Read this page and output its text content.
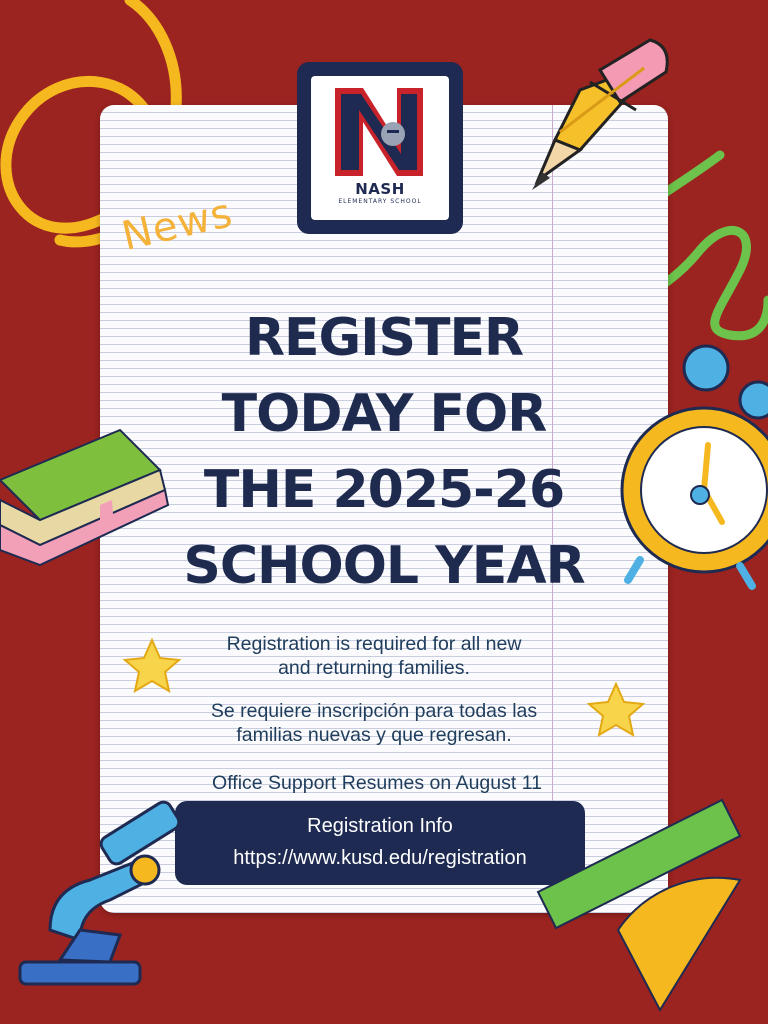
NASH
ELEMENTARY SCHOOL
News
REGISTER
TODAY FOR
THE 2025-26
SCHOOL YEAR
Registration is required for all new
and returning families.
Se requiere inscripción para todas las
familias nuevas y que regresan.
Office Support Resumes on August 11
Registration Info
https://www.kusd.edu/registration
